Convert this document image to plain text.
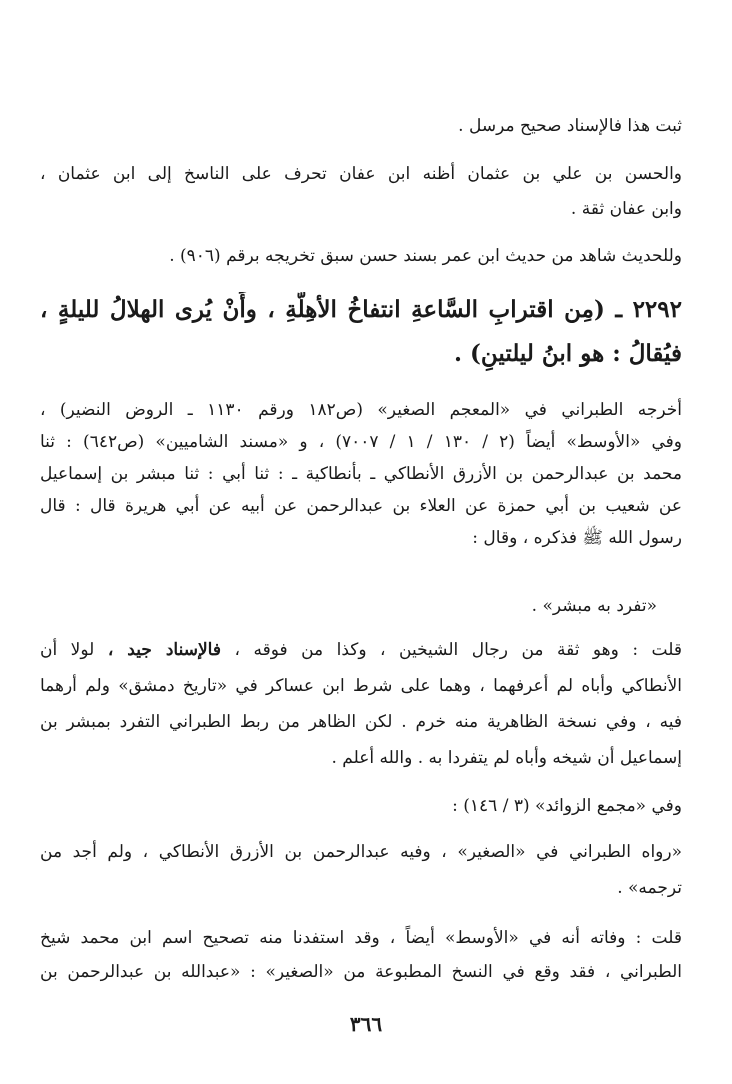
ثبت هذا فالإسناد صحيح مرسل .
والحسن بن علي بن عثمان أظنه ابن عفان تحرف على الناسخ إلى ابن عثمان ،
وابن عفان ثقة .
وللحديث شاهد من حديث ابن عمر بسند حسن سبق تخريجه برقم (٩٠٦) .
٢٢٩٢ ـ (مِن اقترابِ السَّاعةِ انتفاخُ الأهِلَّةِ ، وأَنْ يُرى الهلالُ لليلةٍ ،
فيُقالُ : هو ابنُ ليلتينِ) .
أخرجه الطبراني في «المعجم الصغير» (ص١٨٢ ورقم ١١٣٠ ـ الروض النضير) ،
وفي «الأوسط» أيضاً (٢ / ١٣٠ / ١ / ٧٠٠٧) ، و «مسند الشاميين» (ص٦٤٢) : ثنا
محمد بن عبدالرحمن بن الأزرق الأنطاكي ـ بأنطاكية ـ : ثنا أبي : ثنا مبشر بن إسماعيل
عن شعيب بن أبي حمزة عن العلاء بن عبدالرحمن عن أبيه عن أبي هريرة قال : قال
رسول الله ﷺ فذكره ، وقال :
«تفرد به مبشر» .
قلت : وهو ثقة من رجال الشيخين ، وكذا من فوقه ، فالإسناد جيد ، لولا أن
الأنطاكي وأباه لم أعرفهما ، وهما على شرط ابن عساكر في «تاريخ دمشق» ولم أرهما
فيه ، وفي نسخة الظاهرية منه خرم . لكن الظاهر من ربط الطبراني التفرد بمبشر بن
إسماعيل أن شيخه وأباه لم يتفردا به . والله أعلم .
وفي «مجمع الزوائد» (٣ / ١٤٦) :
«رواه الطبراني في «الصغير» ، وفيه عبدالرحمن بن الأزرق الأنطاكي ، ولم أجد من
ترجمه» .
قلت : وفاته أنه في «الأوسط» أيضاً ، وقد استفدنا منه تصحيح اسم ابن محمد شيخ
الطبراني ، فقد وقع في النسخ المطبوعة من «الصغير» : «عبدالله بن عبدالرحمن بن
٣٦٦
